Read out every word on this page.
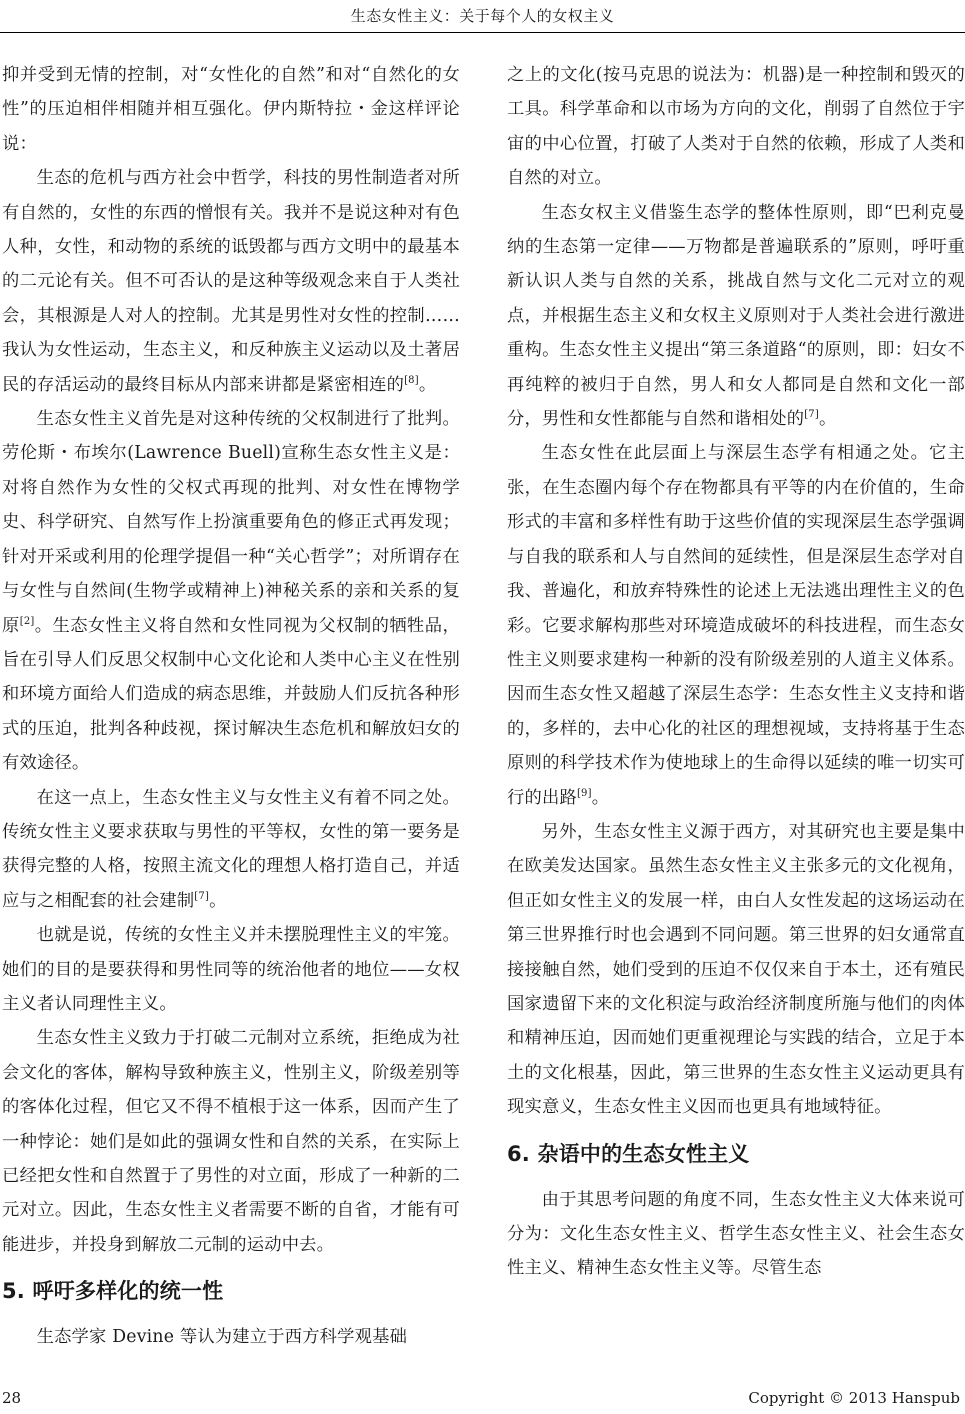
生态女性主义：关于每个人的女权主义

抑并受到无情的控制，对“女性化的自然”和对“自然化的女性”的压迫相伴相随并相互强化。伊内斯特拉・金这样评论说：

生态的危机与西方社会中哲学，科技的男性制造者对所有自然的，女性的东西的憎恨有关。我并不是说这种对有色人种，女性，和动物的系统的诋毁都与西方文明中的最基本的二元论有关。但不可否认的是这种等级观念来自于人类社会，其根源是人对人的控制。尤其是男性对女性的控制……我认为女性运动，生态主义，和反种族主义运动以及土著居民的存活运动的最终目标从内部来讲都是紧密相连的[8]。

生态女性主义首先是对这种传统的父权制进行了批判。劳伦斯・布埃尔(Lawrence Buell)宣称生态女性主义是：对将自然作为女性的父权式再现的批判、对女性在博物学史、科学研究、自然写作上扮演重要角色的修正式再发现；针对开采或利用的伦理学提倡一种“关心哲学”；对所谓存在与女性与自然间(生物学或精神上)神秘关系的亲和关系的复原[2]。生态女性主义将自然和女性同视为父权制的牺牲品，旨在引导人们反思父权制中心文化论和人类中心主义在性别和环境方面给人们造成的病态思维，并鼓励人们反抗各种形式的压迫，批判各种歧视，探讨解决生态危机和解放妇女的有效途径。

在这一点上，生态女性主义与女性主义有着不同之处。传统女性主义要求获取与男性的平等权，女性的第一要务是获得完整的人格，按照主流文化的理想人格打造自己，并适应与之相配套的社会建制[7]。

也就是说，传统的女性主义并未摆脱理性主义的牢笼。她们的目的是要获得和男性同等的统治他者的地位——女权主义者认同理性主义。

生态女性主义致力于打破二元制对立系统，拒绝成为社会文化的客体，解构导致种族主义，性别主义，阶级差别等的客体化过程，但它又不得不植根于这一体系，因而产生了一种悖论：她们是如此的强调女性和自然的关系，在实际上已经把女性和自然置于了男性的对立面，形成了一种新的二元对立。因此，生态女性主义者需要不断的自省，才能有可能进步，并投身到解放二元制的运动中去。

5. 呼吁多样化的统一性

生态学家 Devine 等认为建立于西方科学观基础

之上的文化(按马克思的说法为：机器)是一种控制和毁灭的工具。科学革命和以市场为方向的文化，削弱了自然位于宇宙的中心位置，打破了人类对于自然的依赖，形成了人类和自然的对立。

生态女权主义借鉴生态学的整体性原则，即“巴利克曼纳的生态第一定律——万物都是普遍联系的”原则，呼吁重新认识人类与自然的关系，挑战自然与文化二元对立的观点，并根据生态主义和女权主义原则对于人类社会进行激进重构。生态女性主义提出“第三条道路“的原则，即：妇女不再纯粹的被归于自然，男人和女人都同是自然和文化一部分，男性和女性都能与自然和谐相处的[7]。

生态女性在此层面上与深层生态学有相通之处。它主张，在生态圈内每个存在物都具有平等的内在价值的，生命形式的丰富和多样性有助于这些价值的实现深层生态学强调与自我的联系和人与自然间的延续性，但是深层生态学对自我、普遍化，和放弃特殊性的论述上无法逃出理性主义的色彩。它要求解构那些对环境造成破坏的科技进程，而生态女性主义则要求建构一种新的没有阶级差别的人道主义体系。因而生态女性又超越了深层生态学：生态女性主义支持和谐的，多样的，去中心化的社区的理想视域，支持将基于生态原则的科学技术作为使地球上的生命得以延续的唯一切实可行的出路[9]。

另外，生态女性主义源于西方，对其研究也主要是集中在欧美发达国家。虽然生态女性主义主张多元的文化视角，但正如女性主义的发展一样，由白人女性发起的这场运动在第三世界推行时也会遇到不同问题。第三世界的妇女通常直接接触自然，她们受到的压迫不仅仅来自于本土，还有殖民国家遗留下来的文化积淀与政治经济制度所施与他们的肉体和精神压迫，因而她们更重视理论与实践的结合，立足于本土的文化根基，因此，第三世界的生态女性主义运动更具有现实意义，生态女性主义因而也更具有地域特征。

6. 杂语中的生态女性主义

由于其思考问题的角度不同，生态女性主义大体来说可分为：文化生态女性主义、哲学生态女性主义、社会生态女性主义、精神生态女性主义等。尽管生态

28	Copyright © 2013 Hanspub
